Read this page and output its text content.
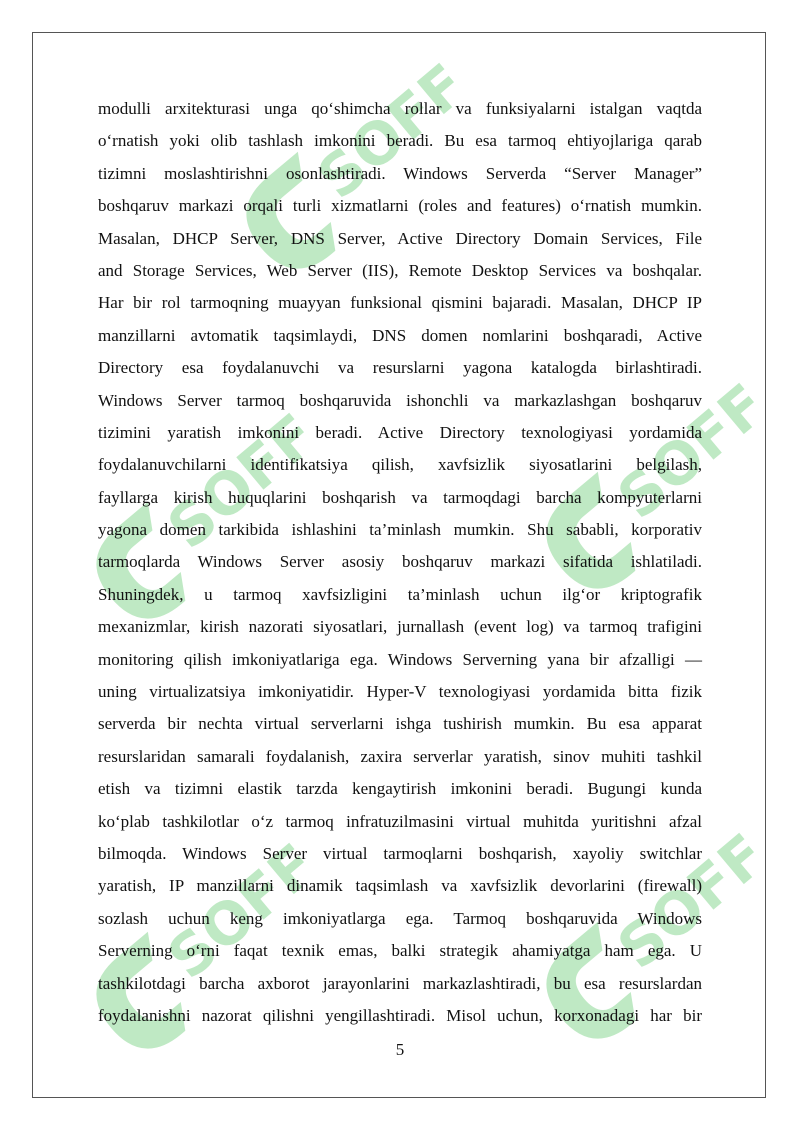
SOFF
SOFF	SOFF
SOFF	SOFF
modulli arxitekturasi unga qo‘shimcha rollar va funksiyalarni istalgan vaqtda
o‘rnatish yoki olib tashlash imkonini beradi. Bu esa tarmoq ehtiyojlariga qarab
tizimni moslashtirishni osonlashtiradi. Windows Serverda “Server Manager”
boshqaruv markazi orqali turli xizmatlarni (roles and features) o‘rnatish mumkin.
Masalan, DHCP Server, DNS Server, Active Directory Domain Services, File
and Storage Services, Web Server (IIS), Remote Desktop Services va boshqalar.
Har bir rol tarmoqning muayyan funksional qismini bajaradi. Masalan, DHCP IP
manzillarni avtomatik taqsimlaydi, DNS domen nomlarini boshqaradi, Active
Directory esa foydalanuvchi va resurslarni yagona katalogda birlashtiradi.
Windows Server tarmoq boshqaruvida ishonchli va markazlashgan boshqaruv
tizimini yaratish imkonini beradi. Active Directory texnologiyasi yordamida
foydalanuvchilarni identifikatsiya qilish, xavfsizlik siyosatlarini belgilash,
fayllarga kirish huquqlarini boshqarish va tarmoqdagi barcha kompyuterlarni
yagona domen tarkibida ishlashini ta’minlash mumkin. Shu sababli, korporativ
tarmoqlarda Windows Server asosiy boshqaruv markazi sifatida ishlatiladi.
Shuningdek, u tarmoq xavfsizligini ta’minlash uchun ilg‘or kriptografik
mexanizmlar, kirish nazorati siyosatlari, jurnallash (event log) va tarmoq trafigini
monitoring qilish imkoniyatlariga ega. Windows Serverning yana bir afzalligi —
uning virtualizatsiya imkoniyatidir. Hyper-V texnologiyasi yordamida bitta fizik
serverda bir nechta virtual serverlarni ishga tushirish mumkin. Bu esa apparat
resurslaridan samarali foydalanish, zaxira serverlar yaratish, sinov muhiti tashkil
etish va tizimni elastik tarzda kengaytirish imkonini beradi. Bugungi kunda
ko‘plab tashkilotlar o‘z tarmoq infratuzilmasini virtual muhitda yuritishni afzal
bilmoqda. Windows Server virtual tarmoqlarni boshqarish, xayoliy switchlar
yaratish, IP manzillarni dinamik taqsimlash va xavfsizlik devorlarini (firewall)
sozlash uchun keng imkoniyatlarga ega. Tarmoq boshqaruvida Windows
Serverning o‘rni faqat texnik emas, balki strategik ahamiyatga ham ega. U
tashkilotdagi barcha axborot jarayonlarini markazlashtiradi, bu esa resurslardan
foydalanishni nazorat qilishni yengillashtiradi. Misol uchun, korxonadagi har bir
5
